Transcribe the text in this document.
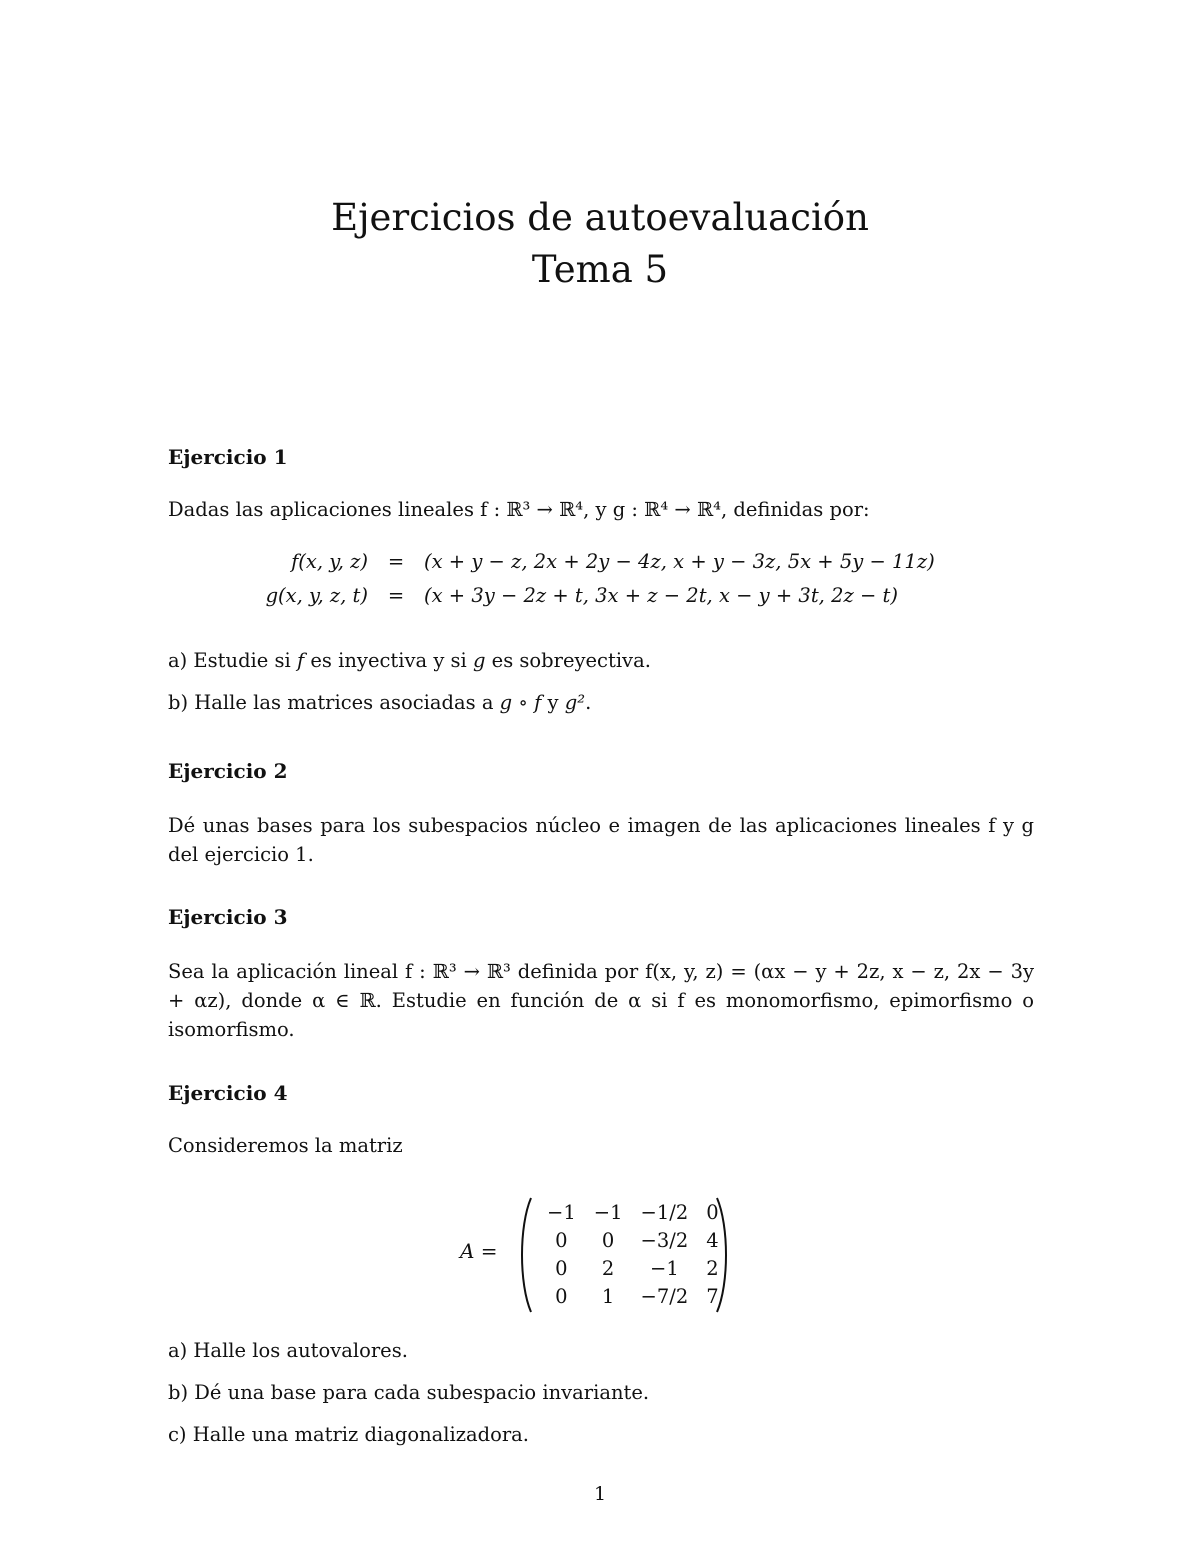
Ejercicios de autoevaluación
Tema 5
Ejercicio 1
Dadas las aplicaciones lineales f : ℝ³ → ℝ⁴, y g : ℝ⁴ → ℝ⁴, definidas por:
f(x, y, z)	=	(x + y − z, 2x + 2y − 4z, x + y − 3z, 5x + 5y − 11z)
g(x, y, z, t)	=	(x + 3y − 2z + t, 3x + z − 2t, x − y + 3t, 2z − t)
a) Estudie si f es inyectiva y si g es sobreyectiva.
b) Halle las matrices asociadas a g ∘ f y g².
Ejercicio 2
Dé unas bases para los subespacios núcleo e imagen de las aplicaciones lineales f y g del ejercicio 1.
Ejercicio 3
Sea la aplicación lineal f : ℝ³ → ℝ³ definida por f(x, y, z) = (αx − y + 2z, x − z, 2x − 3y + αz), donde α ∈ ℝ. Estudie en función de α si f es monomorfismo, epimorfismo o isomorfismo.
Ejercicio 4
Consideremos la matriz
A =
−1	−1	−1/2	0
0	0	−3/2	4
0	2	−1	2
0	1	−7/2	7
a) Halle los autovalores.
b) Dé una base para cada subespacio invariante.
c) Halle una matriz diagonalizadora.
1
